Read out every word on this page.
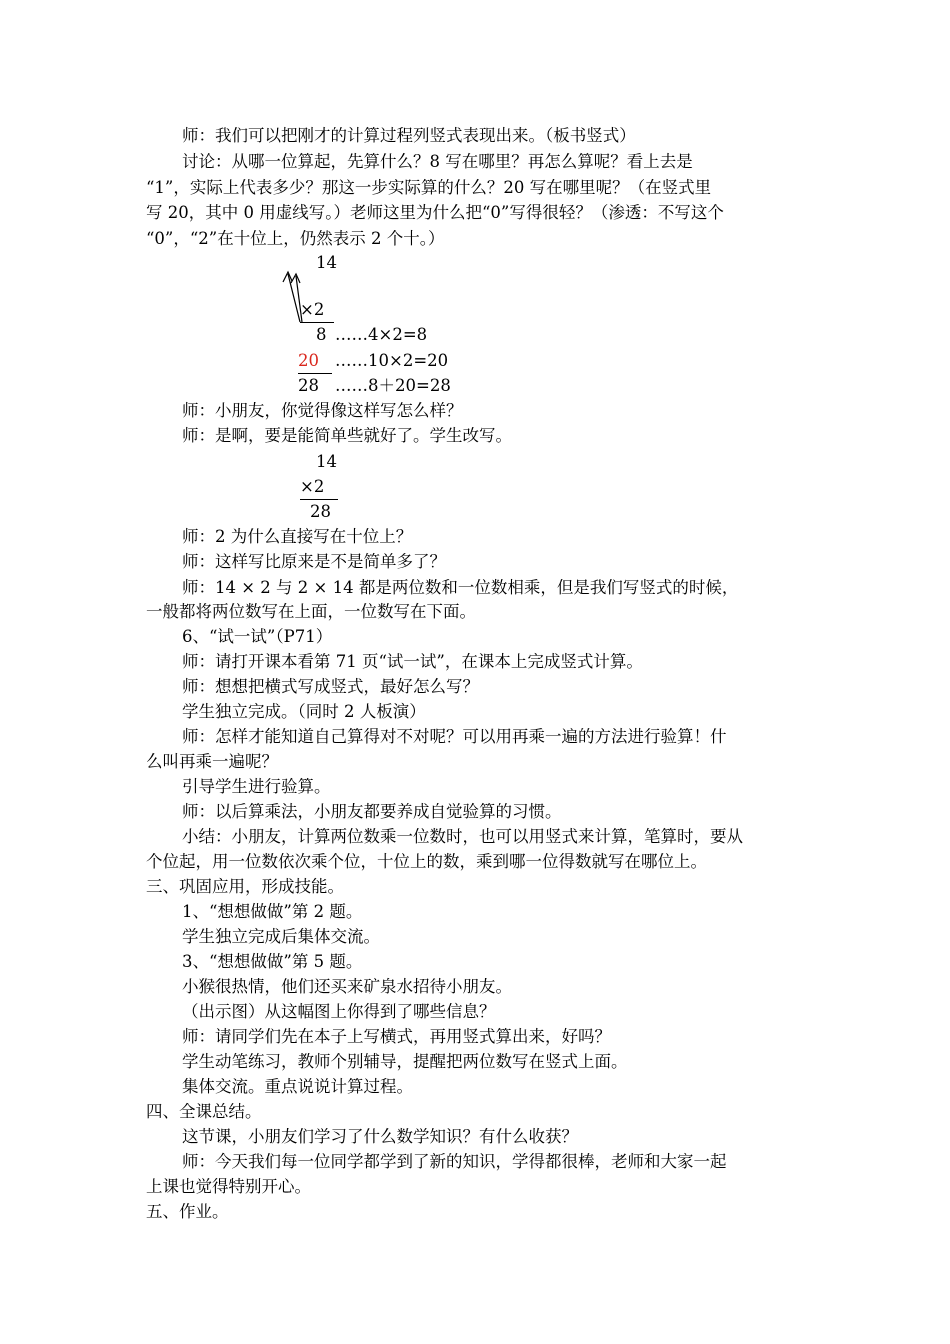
师：我们可以把刚才的计算过程列竖式表现出来。（板书竖式）
讨论：从哪一位算起，先算什么？8 写在哪里？再怎么算呢？看上去是
“1”，实际上代表多少？那这一步实际算的什么？20 写在哪里呢？（在竖式里
写 20，其中 0 用虚线写。）老师这里为什么把“0”写得很轻？（渗透：不写这个
“0”，“2”在十位上，仍然表示 2 个十。）
14
×2
8 ……4×2=8
20 ……10×2=20
28 ……8＋20=28
师：小朋友，你觉得像这样写怎么样？
师：是啊，要是能简单些就好了。学生改写。
14
×2
28
师：2 为什么直接写在十位上？
师：这样写比原来是不是简单多了？
师：14 × 2 与 2 × 14 都是两位数和一位数相乘，但是我们写竖式的时候，
一般都将两位数写在上面，一位数写在下面。
6、“试一试”（P71）
师：请打开课本看第 71 页“试一试”，在课本上完成竖式计算。
师：想想把横式写成竖式，最好怎么写？
学生独立完成。（同时 2 人板演）
师：怎样才能知道自己算得对不对呢？可以用再乘一遍的方法进行验算！什
么叫再乘一遍呢？
引导学生进行验算。
师：以后算乘法，小朋友都要养成自觉验算的习惯。
小结：小朋友，计算两位数乘一位数时，也可以用竖式来计算，笔算时，要从
个位起，用一位数依次乘个位，十位上的数，乘到哪一位得数就写在哪位上。
三、巩固应用，形成技能。
1、“想想做做”第 2 题。
学生独立完成后集体交流。
3、“想想做做”第 5 题。
小猴很热情，他们还买来矿泉水招待小朋友。
（出示图）从这幅图上你得到了哪些信息？
师：请同学们先在本子上写横式，再用竖式算出来，好吗？
学生动笔练习，教师个别辅导，提醒把两位数写在竖式上面。
集体交流。重点说说计算过程。
四、全课总结。
这节课，小朋友们学习了什么数学知识？有什么收获？
师：今天我们每一位同学都学到了新的知识，学得都很棒，老师和大家一起
上课也觉得特别开心。
五、作业。
